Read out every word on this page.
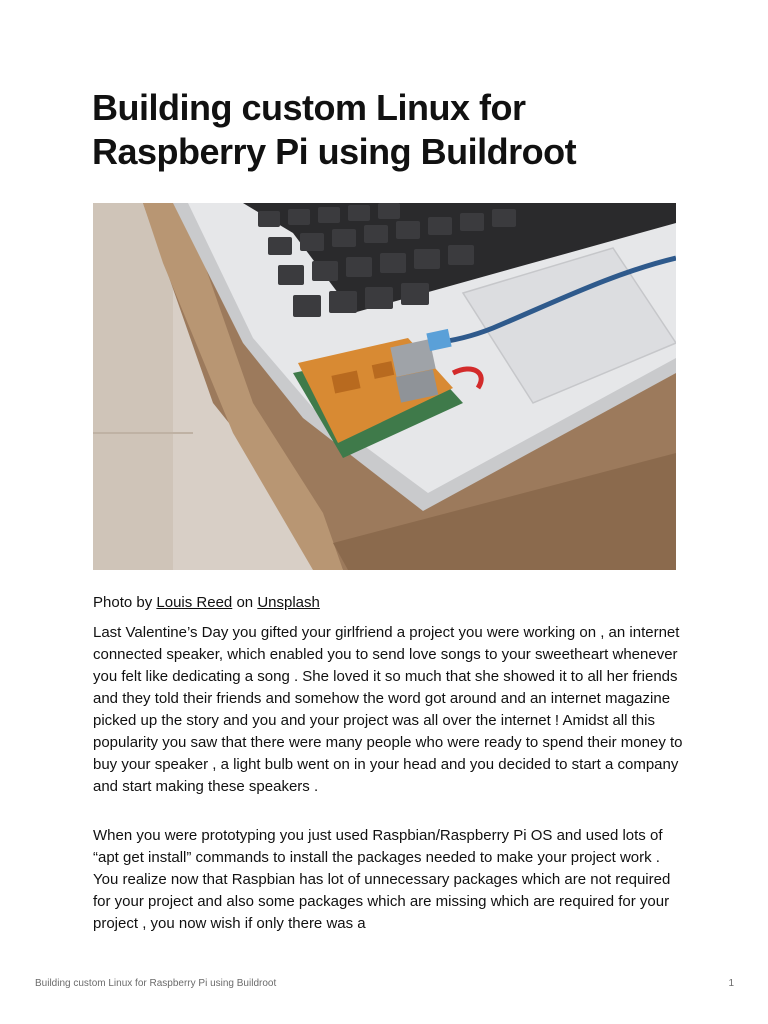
Building custom Linux for Raspberry Pi using Buildroot

Photo by Louis Reed on Unsplash

Last Valentine’s Day you gifted your girlfriend a project you were working on , an internet connected speaker, which enabled you to send love songs to your sweetheart whenever you felt like dedicating a song . She loved it so much that she showed it to all her friends and they told their friends and somehow the word got around and an internet magazine picked up the story and you and your project was all over the internet ! Amidst all this popularity you saw that there were many people who were ready to spend their money to buy your speaker , a light bulb went on in your head and you decided to start a company and start making these speakers .

When you were prototyping you just used Raspbian/Raspberry Pi OS and used lots of “apt get install” commands to install the packages needed to make your project work . You realize now that Raspbian has lot of unnecessary packages which are not required for your project and also some packages which are missing which are required for your project , you now wish if only there was a

Building custom Linux for Raspberry Pi using Buildroot	1
